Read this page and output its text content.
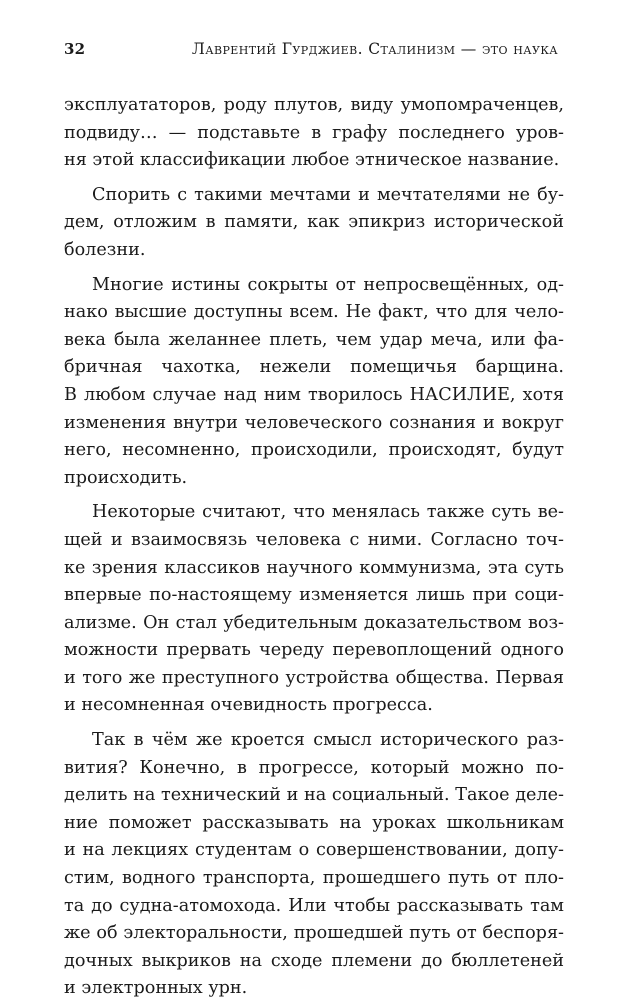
32	Лаврентий Гурджиев. Сталинизм — это наука
эксплуататоров, роду плутов, виду умопомраченцев,
подвиду… — подставьте в графу последнего уров-
ня этой классификации любое этническое название.
Спорить с такими мечтами и мечтателями не бу-
дем, отложим в памяти, как эпикриз исторической
болезни.
Многие истины сокрыты от непросвещённых, од-
нако высшие доступны всем. Не факт, что для чело-
века была желаннее плеть, чем удар меча, или фа-
бричная чахотка, нежели помещичья барщина.
В любом случае над ним творилось НАСИЛИЕ, хотя
изменения внутри человеческого сознания и вокруг
него, несомненно, происходили, происходят, будут
происходить.
Некоторые считают, что менялась также суть ве-
щей и взаимосвязь человека с ними. Согласно точ-
ке зрения классиков научного коммунизма, эта суть
впервые по-настоящему изменяется лишь при соци-
ализме. Он стал убедительным доказательством воз-
можности прервать череду перевоплощений одного
и того же преступного устройства общества. Первая
и несомненная очевидность прогресса.
Так в чём же кроется смысл исторического раз-
вития? Конечно, в прогрессе, который можно по-
делить на технический и на социальный. Такое деле-
ние поможет рассказывать на уроках школьникам
и на лекциях студентам о совершенствовании, допу-
стим, водного транспорта, прошедшего путь от пло-
та до судна-атомохода. Или чтобы рассказывать там
же об электоральности, прошедшей путь от беспоря-
дочных выкриков на сходе племени до бюллетеней
и электронных урн.
